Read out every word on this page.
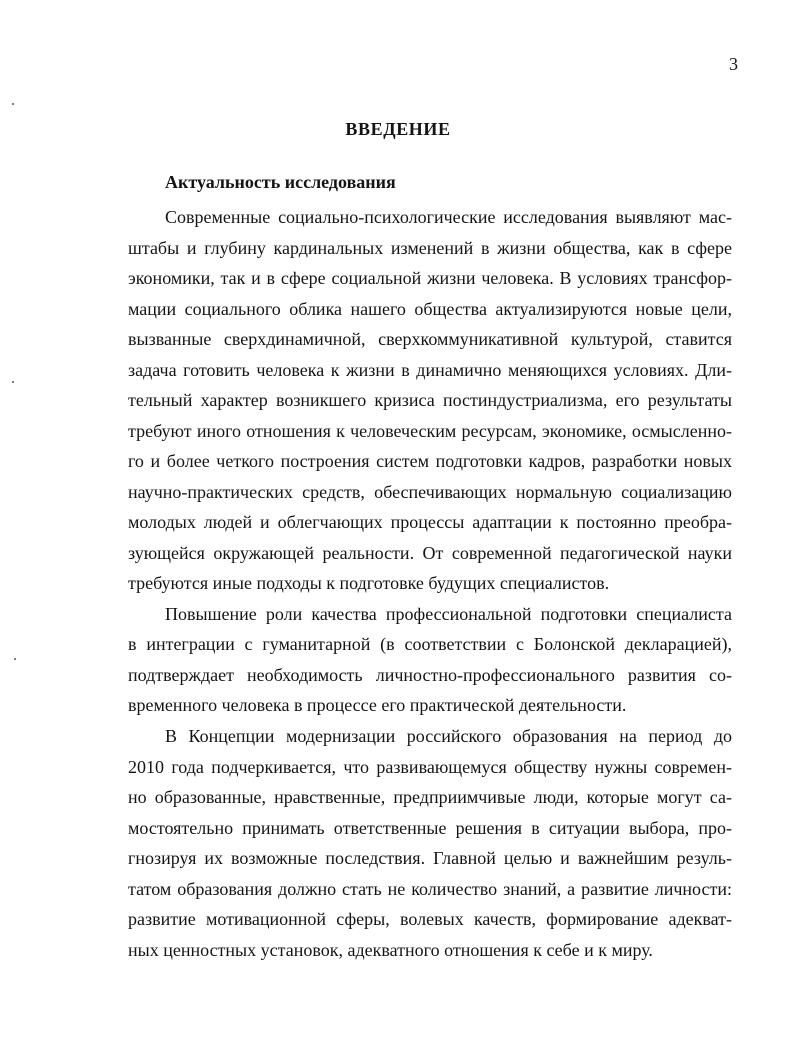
3
ВВЕДЕНИЕ
Актуальность исследования
Современные социально-психологические исследования выявляют мас-
штабы и глубину кардинальных изменений в жизни общества, как в сфере
экономики, так и в сфере социальной жизни человека. В условиях трансфор-
мации социального облика нашего общества актуализируются новые цели,
вызванные сверхдинамичной, сверхкоммуникативной культурой, ставится
задача готовить человека к жизни в динамично меняющихся условиях. Дли-
тельный характер возникшего кризиса постиндустриализма, его результаты
требуют иного отношения к человеческим ресурсам, экономике, осмысленно-
го и более четкого построения систем подготовки кадров, разработки новых
научно-практических средств, обеспечивающих нормальную социализацию
молодых людей и облегчающих процессы адаптации к постоянно преобра-
зующейся окружающей реальности. От современной педагогической науки
требуются иные подходы к подготовке будущих специалистов.
Повышение роли качества профессиональной подготовки специалиста
в интеграции с гуманитарной (в соответствии с Болонской декларацией),
подтверждает необходимость личностно-профессионального развития со-
временного человека в процессе его практической деятельности.
В Концепции модернизации российского образования на период до
2010 года подчеркивается, что развивающемуся обществу нужны современ-
но образованные, нравственные, предприимчивые люди, которые могут са-
мостоятельно принимать ответственные решения в ситуации выбора, про-
гнозируя их возможные последствия. Главной целью и важнейшим резуль-
татом образования должно стать не количество знаний, а развитие личности:
развитие мотивационной сферы, волевых качеств, формирование адекват-
ных ценностных установок, адекватного отношения к себе и к миру.
